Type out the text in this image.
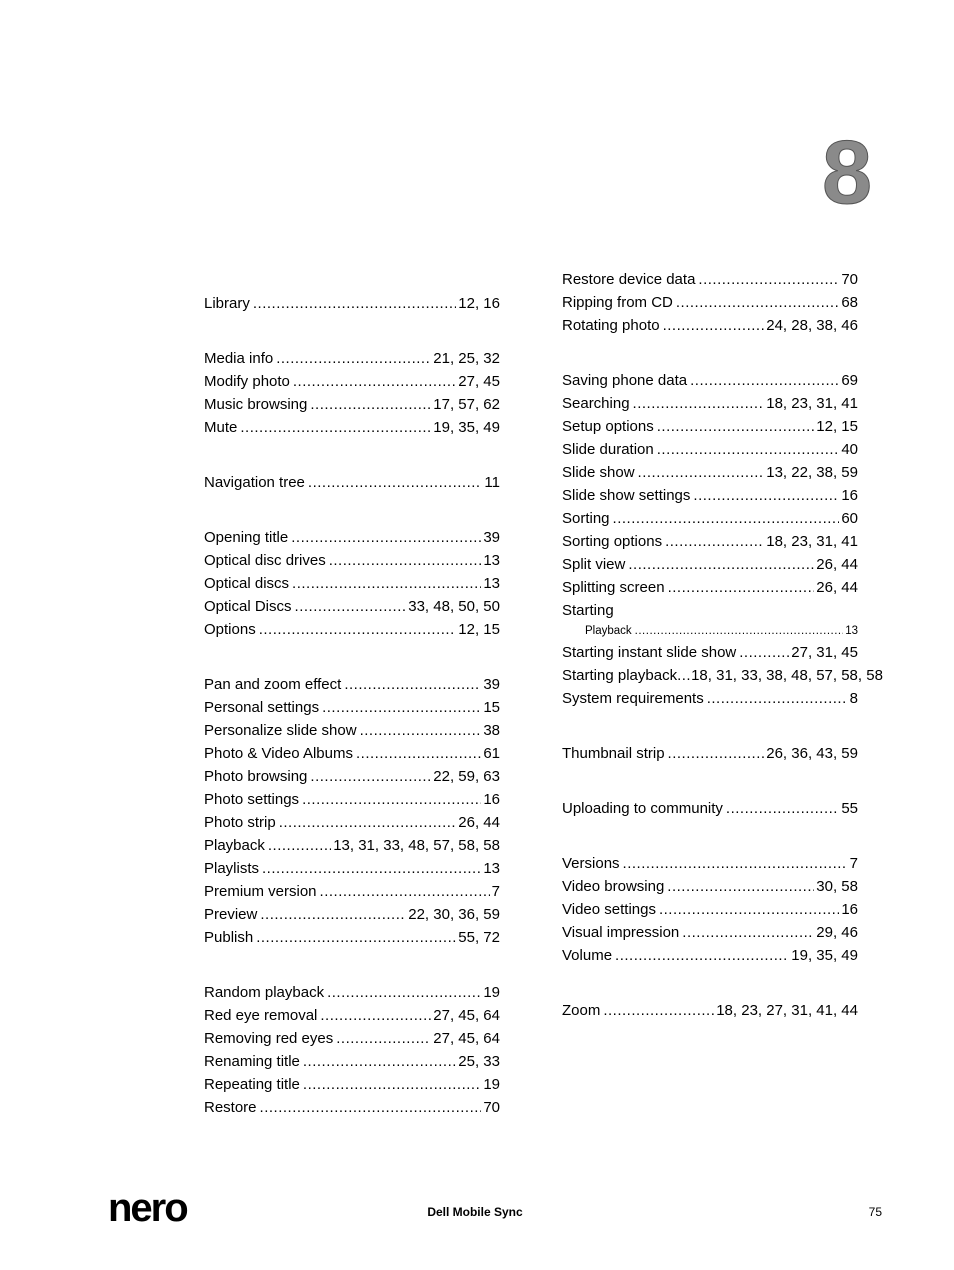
8
Library .....	12, 16
Media info .....	21, 25, 32
Modify photo .....	27, 45
Music browsing .....	17, 57, 62
Mute .....	19, 35, 49
Navigation tree .....	11
Opening title .....	39
Optical disc drives .....	13
Optical discs .....	13
Optical Discs .....	33, 48, 50, 50
Options .....	12, 15
Pan and zoom effect .....	39
Personal settings .....	15
Personalize slide show .....	38
Photo & Video Albums .....	61
Photo browsing .....	22, 59, 63
Photo settings .....	16
Photo strip .....	26, 44
Playback .....	13, 31, 33, 48, 57, 58, 58
Playlists .....	13
Premium version .....	7
Preview .....	22, 30, 36, 59
Publish .....	55, 72
Random playback .....	19
Red eye removal .....	27, 45, 64
Removing red eyes .....	27, 45, 64
Renaming title .....	25, 33
Repeating title .....	19
Restore .....	70
Restore device data .....	70
Ripping from CD .....	68
Rotating photo .....	24, 28, 38, 46
Saving phone data .....	69
Searching .....	18, 23, 31, 41
Setup options .....	12, 15
Slide duration .....	40
Slide show .....	13, 22, 38, 59
Slide show settings .....	16
Sorting .....	60
Sorting options .....	18, 23, 31, 41
Split view .....	26, 44
Splitting screen .....	26, 44
Starting
Playback .....	13
Starting instant slide show .....	27, 31, 45
Starting playback ... 18, 31, 33, 38, 48, 57, 58, 58
System requirements .....	8
Thumbnail strip .....	26, 36, 43, 59
Uploading to community .....	55
Versions .....	7
Video browsing .....	30, 58
Video settings .....	16
Visual impression .....	29, 46
Volume .....	19, 35, 49
Zoom .....	18, 23, 27, 31, 41, 44
nero	Dell Mobile Sync	75
